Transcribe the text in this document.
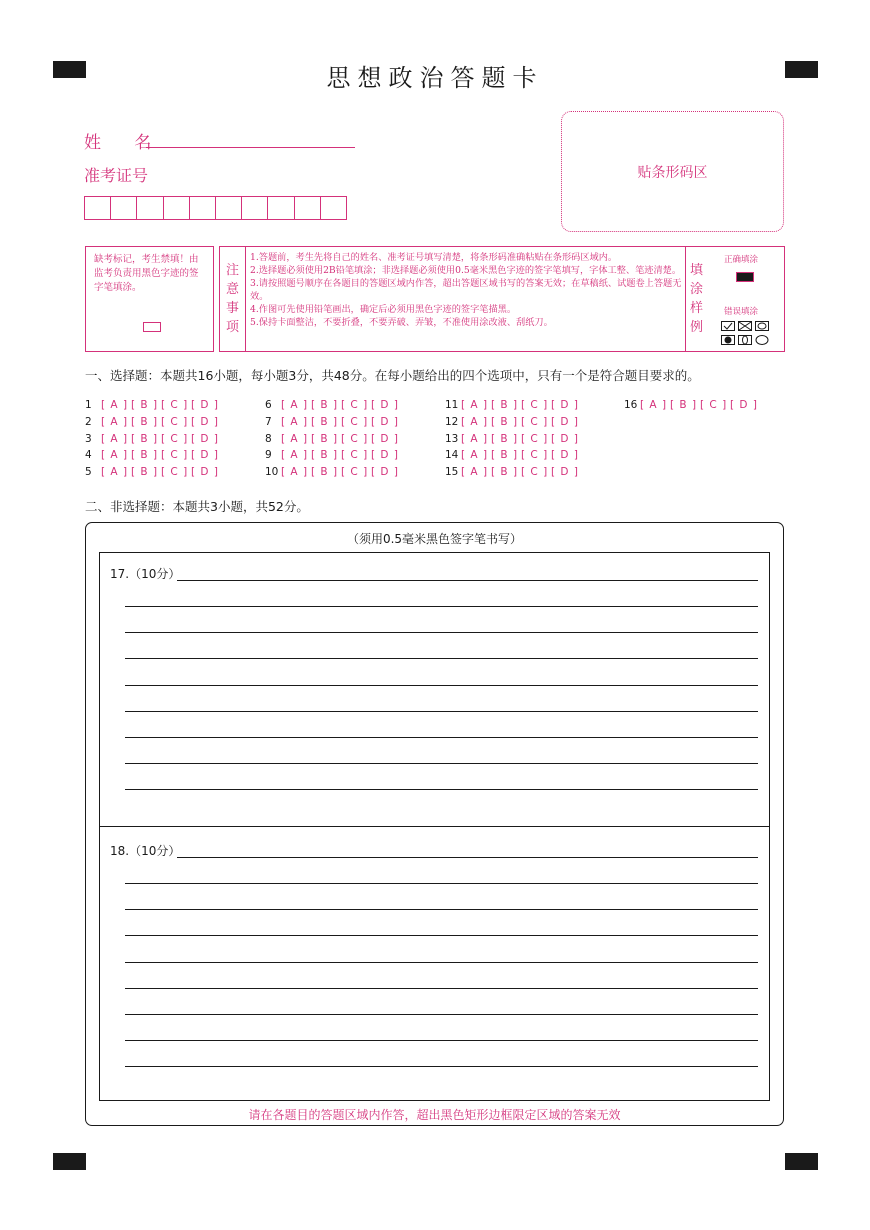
思想政治答题卡
姓 名
准考证号	贴条形码区
缺考标记，考生禁填！由监考负责用黑色字迹的签字笔填涂。
注
意
事
项
1.答题前，考生先将自己的姓名、准考证号填写清楚，将条形码准确粘贴在条形码区域内。
2.选择题必须使用2B铅笔填涂；非选择题必须使用0.5毫米黑色字迹的签字笔填写，字体工整、笔迹清楚。
3.请按照题号顺序在各题目的答题区域内作答，超出答题区域书写的答案无效；在草稿纸、试题卷上答题无效。
4.作图可先使用铅笔画出，确定后必须用黑色字迹的签字笔描黑。
5.保持卡面整洁，不要折叠，不要弄破、弄皱，不准使用涂改液、刮纸刀。
填 涂 样 例
正确填涂
错误填涂
一、选择题：本题共16小题，每小题3分，共48分。在每小题给出的四个选项中，只有一个是符合题目要求的。
1 [ A ] [ B ] [ C ] [ D ]
2 [ A ] [ B ] [ C ] [ D ]
3 [ A ] [ B ] [ C ] [ D ]
4 [ A ] [ B ] [ C ] [ D ]
5 [ A ] [ B ] [ C ] [ D ]
6 [ A ] [ B ] [ C ] [ D ]
7 [ A ] [ B ] [ C ] [ D ]
8 [ A ] [ B ] [ C ] [ D ]
9 [ A ] [ B ] [ C ] [ D ]
10 [ A ] [ B ] [ C ] [ D ]
11 [ A ] [ B ] [ C ] [ D ]
12 [ A ] [ B ] [ C ] [ D ]
13 [ A ] [ B ] [ C ] [ D ]
14 [ A ] [ B ] [ C ] [ D ]
15 [ A ] [ B ] [ C ] [ D ]
16 [ A ] [ B ] [ C ] [ D ]
二、非选择题：本题共3小题，共52分。
（须用0.5毫米黑色签字笔书写）
17.（10分）
18.（10分）
请在各题目的答题区域内作答，超出黑色矩形边框限定区域的答案无效
